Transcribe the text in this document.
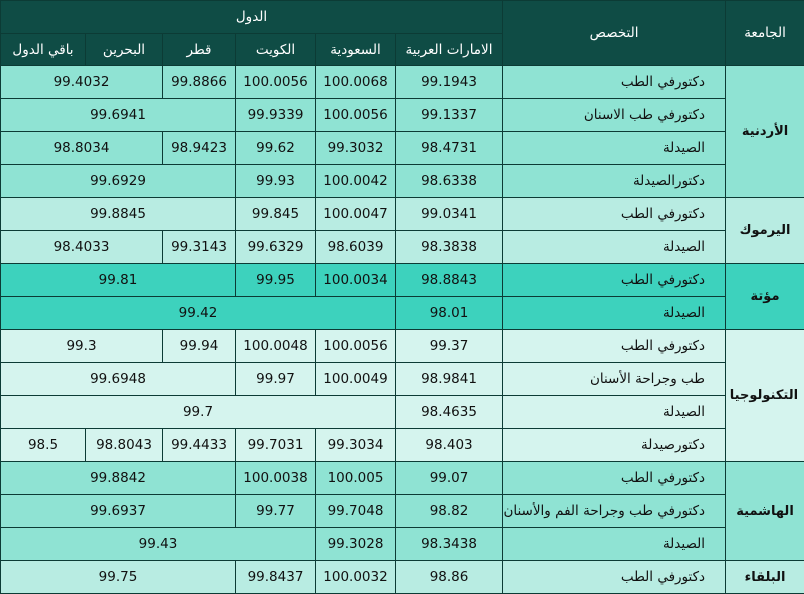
الدول						التخصص	الجامعة
باقي الدول	البحرين	قطر	الكويت	السعودية	الامارات العربية		
99.4032		99.8866	100.0056	100.0068	99.1943	دكتورفي الطب	الأردنية
99.6941			99.9339	100.0056	99.1337	دكتورفي طب الاسنان	
98.8034		98.9423	99.62	99.3032	98.4731	الصيدلة	
99.6929			99.93	100.0042	98.6338	دكتورالصيدلة	
99.8845			99.845	100.0047	99.0341	دكتورفي الطب	اليرموك
98.4033		99.3143	99.6329	98.6039	98.3838	الصيدلة	
99.81			99.95	100.0034	98.8843	دكتورفي الطب	مؤتة
99.42					98.01	الصيدلة	
99.3		99.94	100.0048	100.0056	99.37	دكتورفي الطب	التكنولوجيا
99.6948			99.97	100.0049	98.9841	طب وجراحة الأسنان	
99.7					98.4635	الصيدلة	
98.5	98.8043	99.4433	99.7031	99.3034	98.403	دكتورصيدلة	
99.8842			100.0038	100.005	99.07	دكتورفي الطب	الهاشمية
99.6937			99.77	99.7048	98.82	دكتورفي طب وجراحة الفم والأسنان	
99.43				99.3028	98.3438	الصيدلة	
99.75			99.8437	100.0032	98.86	دكتورفي الطب	البلقاء
